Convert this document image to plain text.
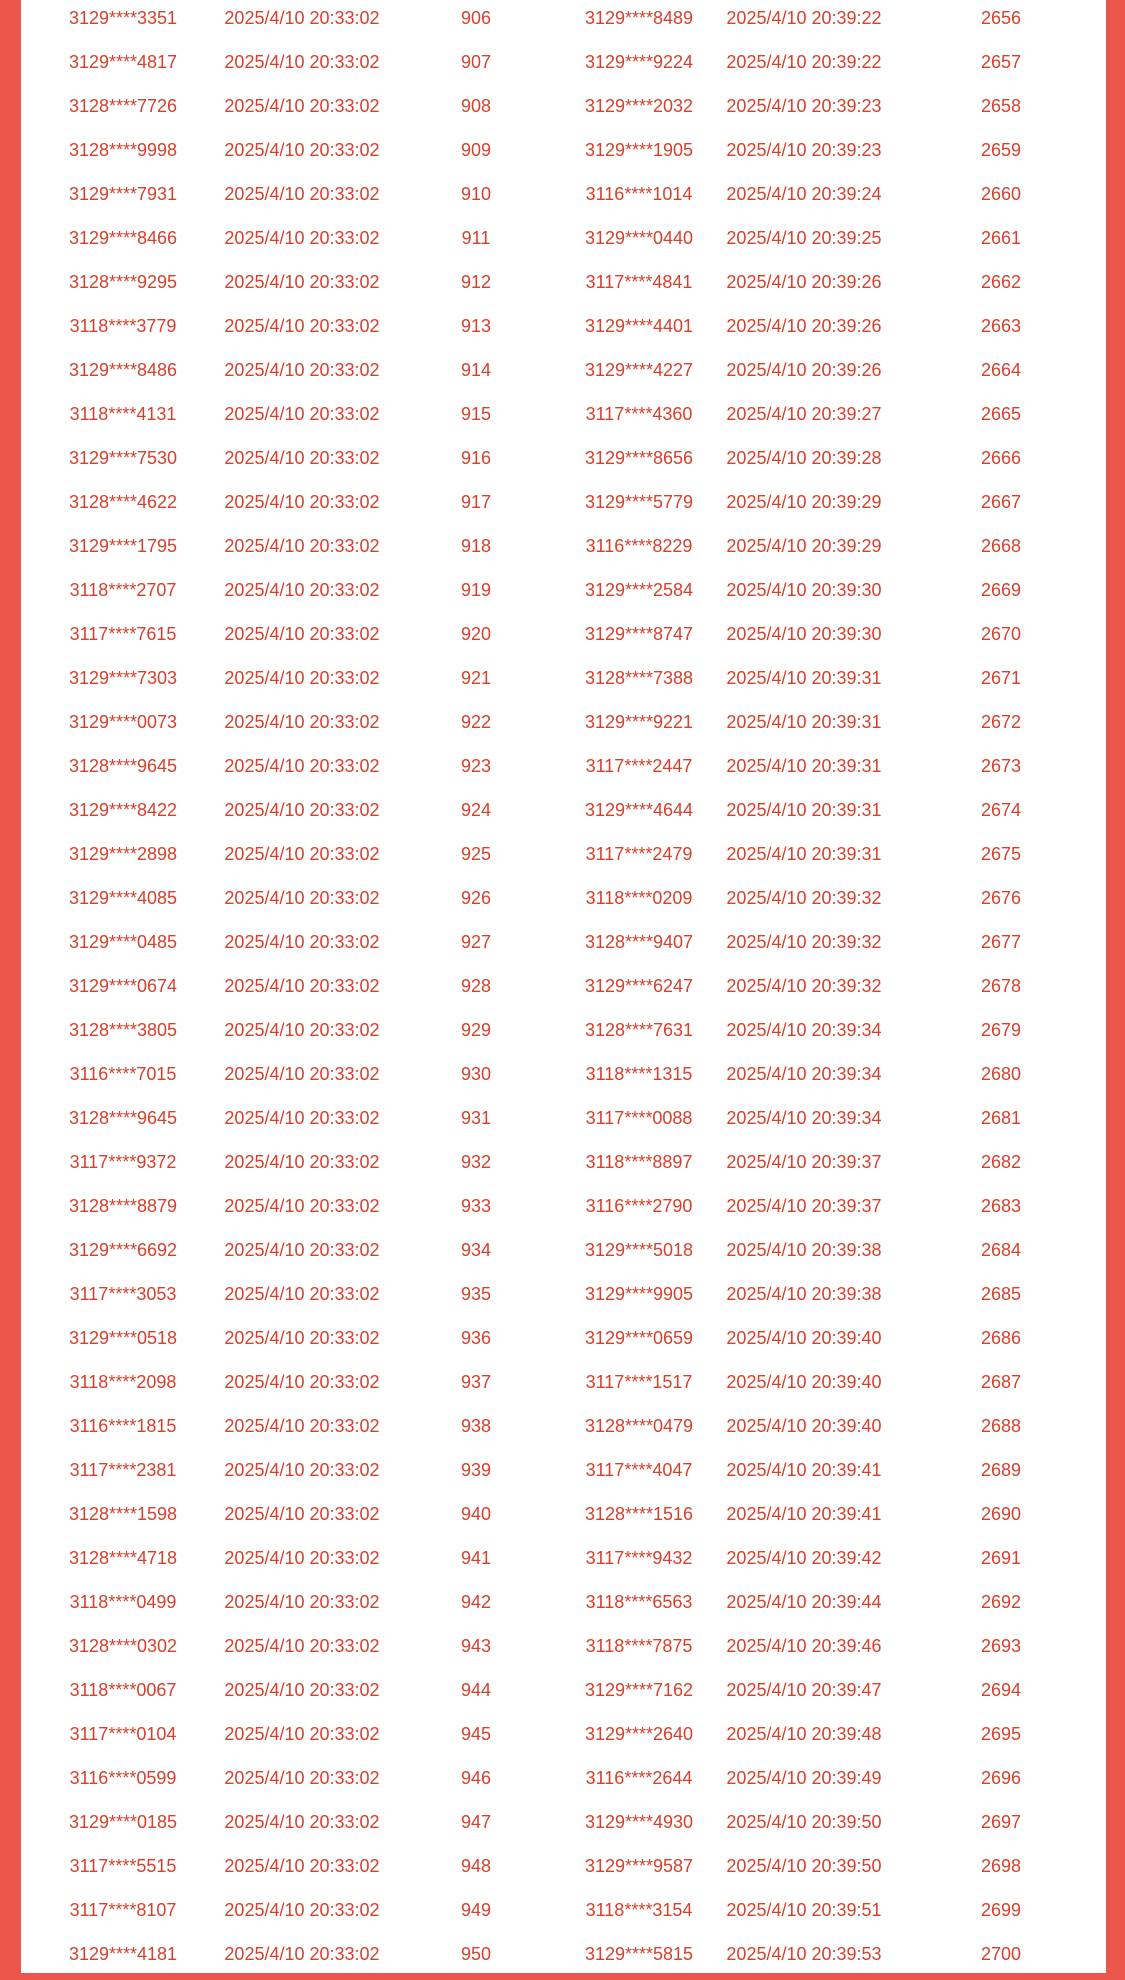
3129****3351	2025/4/10 20:33:02	906	3129****8489	2025/4/10 20:39:22	2656
3129****4817	2025/4/10 20:33:02	907	3129****9224	2025/4/10 20:39:22	2657
3128****7726	2025/4/10 20:33:02	908	3129****2032	2025/4/10 20:39:23	2658
3128****9998	2025/4/10 20:33:02	909	3129****1905	2025/4/10 20:39:23	2659
3129****7931	2025/4/10 20:33:02	910	3116****1014	2025/4/10 20:39:24	2660
3129****8466	2025/4/10 20:33:02	911	3129****0440	2025/4/10 20:39:25	2661
3128****9295	2025/4/10 20:33:02	912	3117****4841	2025/4/10 20:39:26	2662
3118****3779	2025/4/10 20:33:02	913	3129****4401	2025/4/10 20:39:26	2663
3129****8486	2025/4/10 20:33:02	914	3129****4227	2025/4/10 20:39:26	2664
3118****4131	2025/4/10 20:33:02	915	3117****4360	2025/4/10 20:39:27	2665
3129****7530	2025/4/10 20:33:02	916	3129****8656	2025/4/10 20:39:28	2666
3128****4622	2025/4/10 20:33:02	917	3129****5779	2025/4/10 20:39:29	2667
3129****1795	2025/4/10 20:33:02	918	3116****8229	2025/4/10 20:39:29	2668
3118****2707	2025/4/10 20:33:02	919	3129****2584	2025/4/10 20:39:30	2669
3117****7615	2025/4/10 20:33:02	920	3129****8747	2025/4/10 20:39:30	2670
3129****7303	2025/4/10 20:33:02	921	3128****7388	2025/4/10 20:39:31	2671
3129****0073	2025/4/10 20:33:02	922	3129****9221	2025/4/10 20:39:31	2672
3128****9645	2025/4/10 20:33:02	923	3117****2447	2025/4/10 20:39:31	2673
3129****8422	2025/4/10 20:33:02	924	3129****4644	2025/4/10 20:39:31	2674
3129****2898	2025/4/10 20:33:02	925	3117****2479	2025/4/10 20:39:31	2675
3129****4085	2025/4/10 20:33:02	926	3118****0209	2025/4/10 20:39:32	2676
3129****0485	2025/4/10 20:33:02	927	3128****9407	2025/4/10 20:39:32	2677
3129****0674	2025/4/10 20:33:02	928	3129****6247	2025/4/10 20:39:32	2678
3128****3805	2025/4/10 20:33:02	929	3128****7631	2025/4/10 20:39:34	2679
3116****7015	2025/4/10 20:33:02	930	3118****1315	2025/4/10 20:39:34	2680
3128****9645	2025/4/10 20:33:02	931	3117****0088	2025/4/10 20:39:34	2681
3117****9372	2025/4/10 20:33:02	932	3118****8897	2025/4/10 20:39:37	2682
3128****8879	2025/4/10 20:33:02	933	3116****2790	2025/4/10 20:39:37	2683
3129****6692	2025/4/10 20:33:02	934	3129****5018	2025/4/10 20:39:38	2684
3117****3053	2025/4/10 20:33:02	935	3129****9905	2025/4/10 20:39:38	2685
3129****0518	2025/4/10 20:33:02	936	3129****0659	2025/4/10 20:39:40	2686
3118****2098	2025/4/10 20:33:02	937	3117****1517	2025/4/10 20:39:40	2687
3116****1815	2025/4/10 20:33:02	938	3128****0479	2025/4/10 20:39:40	2688
3117****2381	2025/4/10 20:33:02	939	3117****4047	2025/4/10 20:39:41	2689
3128****1598	2025/4/10 20:33:02	940	3128****1516	2025/4/10 20:39:41	2690
3128****4718	2025/4/10 20:33:02	941	3117****9432	2025/4/10 20:39:42	2691
3118****0499	2025/4/10 20:33:02	942	3118****6563	2025/4/10 20:39:44	2692
3128****0302	2025/4/10 20:33:02	943	3118****7875	2025/4/10 20:39:46	2693
3118****0067	2025/4/10 20:33:02	944	3129****7162	2025/4/10 20:39:47	2694
3117****0104	2025/4/10 20:33:02	945	3129****2640	2025/4/10 20:39:48	2695
3116****0599	2025/4/10 20:33:02	946	3116****2644	2025/4/10 20:39:49	2696
3129****0185	2025/4/10 20:33:02	947	3129****4930	2025/4/10 20:39:50	2697
3117****5515	2025/4/10 20:33:02	948	3129****9587	2025/4/10 20:39:50	2698
3117****8107	2025/4/10 20:33:02	949	3118****3154	2025/4/10 20:39:51	2699
3129****4181	2025/4/10 20:33:02	950	3129****5815	2025/4/10 20:39:53	2700
